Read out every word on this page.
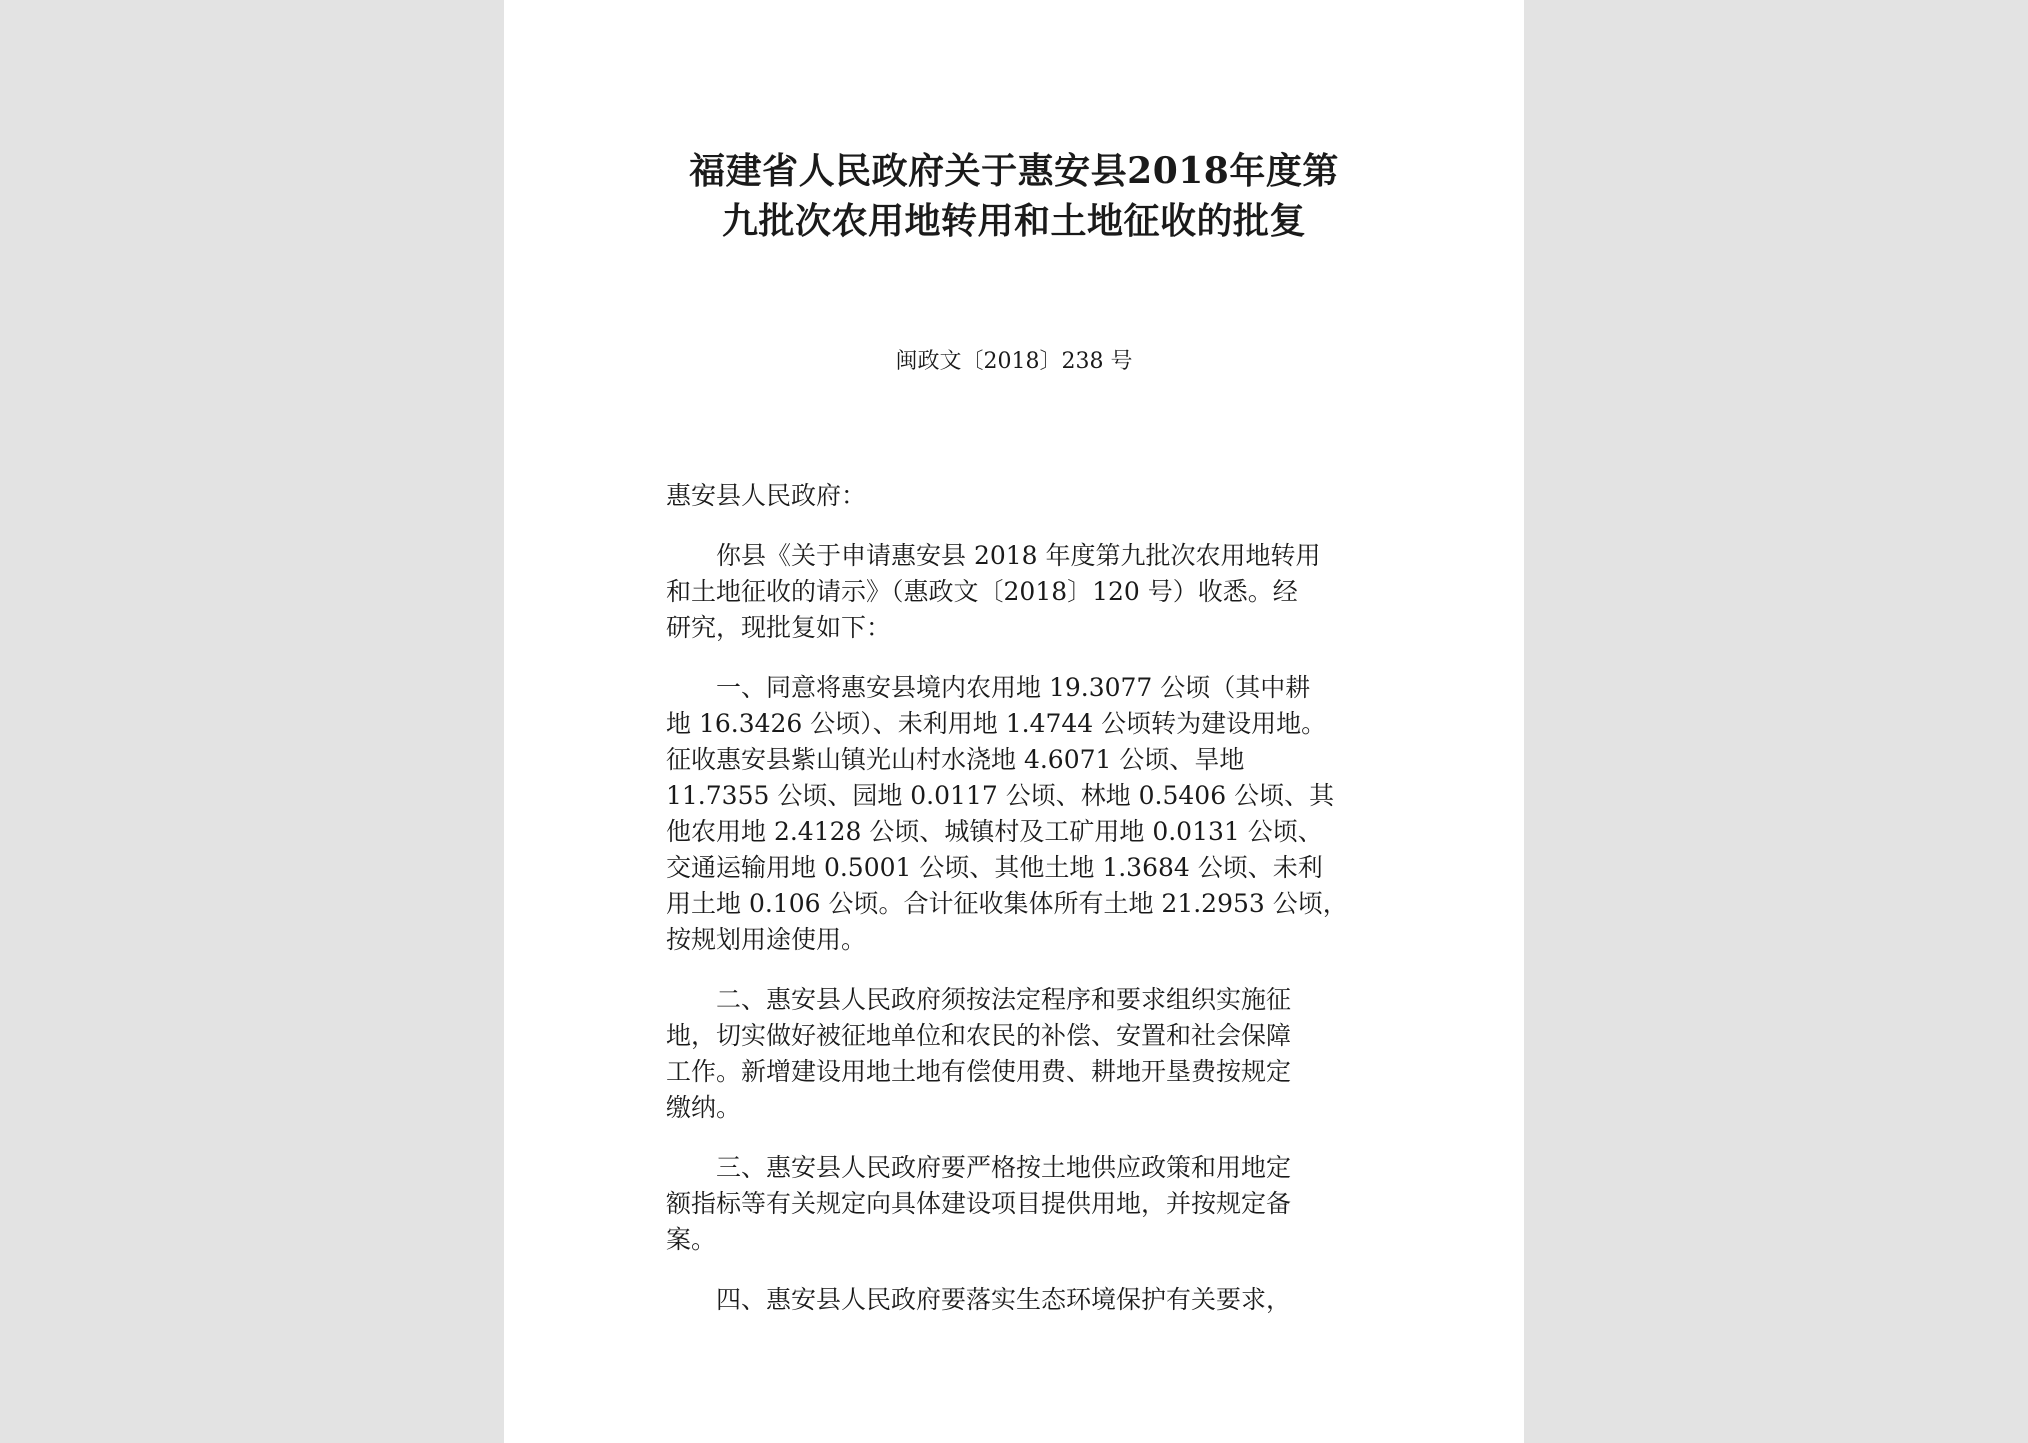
福建省人民政府关于惠安县2018年度第
九批次农用地转用和土地征收的批复
闽政文〔2018〕238 号
惠安县人民政府：
　　你县《关于申请惠安县 2018 年度第九批次农用地转用
和土地征收的请示》（惠政文〔2018〕120 号）收悉。经
研究，现批复如下：
　　一、同意将惠安县境内农用地 19.3077 公顷（其中耕
地 16.3426 公顷）、未利用地 1.4744 公顷转为建设用地。
征收惠安县紫山镇光山村水浇地 4.6071 公顷、旱地
11.7355 公顷、园地 0.0117 公顷、林地 0.5406 公顷、其
他农用地 2.4128 公顷、城镇村及工矿用地 0.0131 公顷、
交通运输用地 0.5001 公顷、其他土地 1.3684 公顷、未利
用土地 0.106 公顷。合计征收集体所有土地 21.2953 公顷，
按规划用途使用。
　　二、惠安县人民政府须按法定程序和要求组织实施征
地，切实做好被征地单位和农民的补偿、安置和社会保障
工作。新增建设用地土地有偿使用费、耕地开垦费按规定
缴纳。
　　三、惠安县人民政府要严格按土地供应政策和用地定
额指标等有关规定向具体建设项目提供用地，并按规定备
案。
　　四、惠安县人民政府要落实生态环境保护有关要求，
